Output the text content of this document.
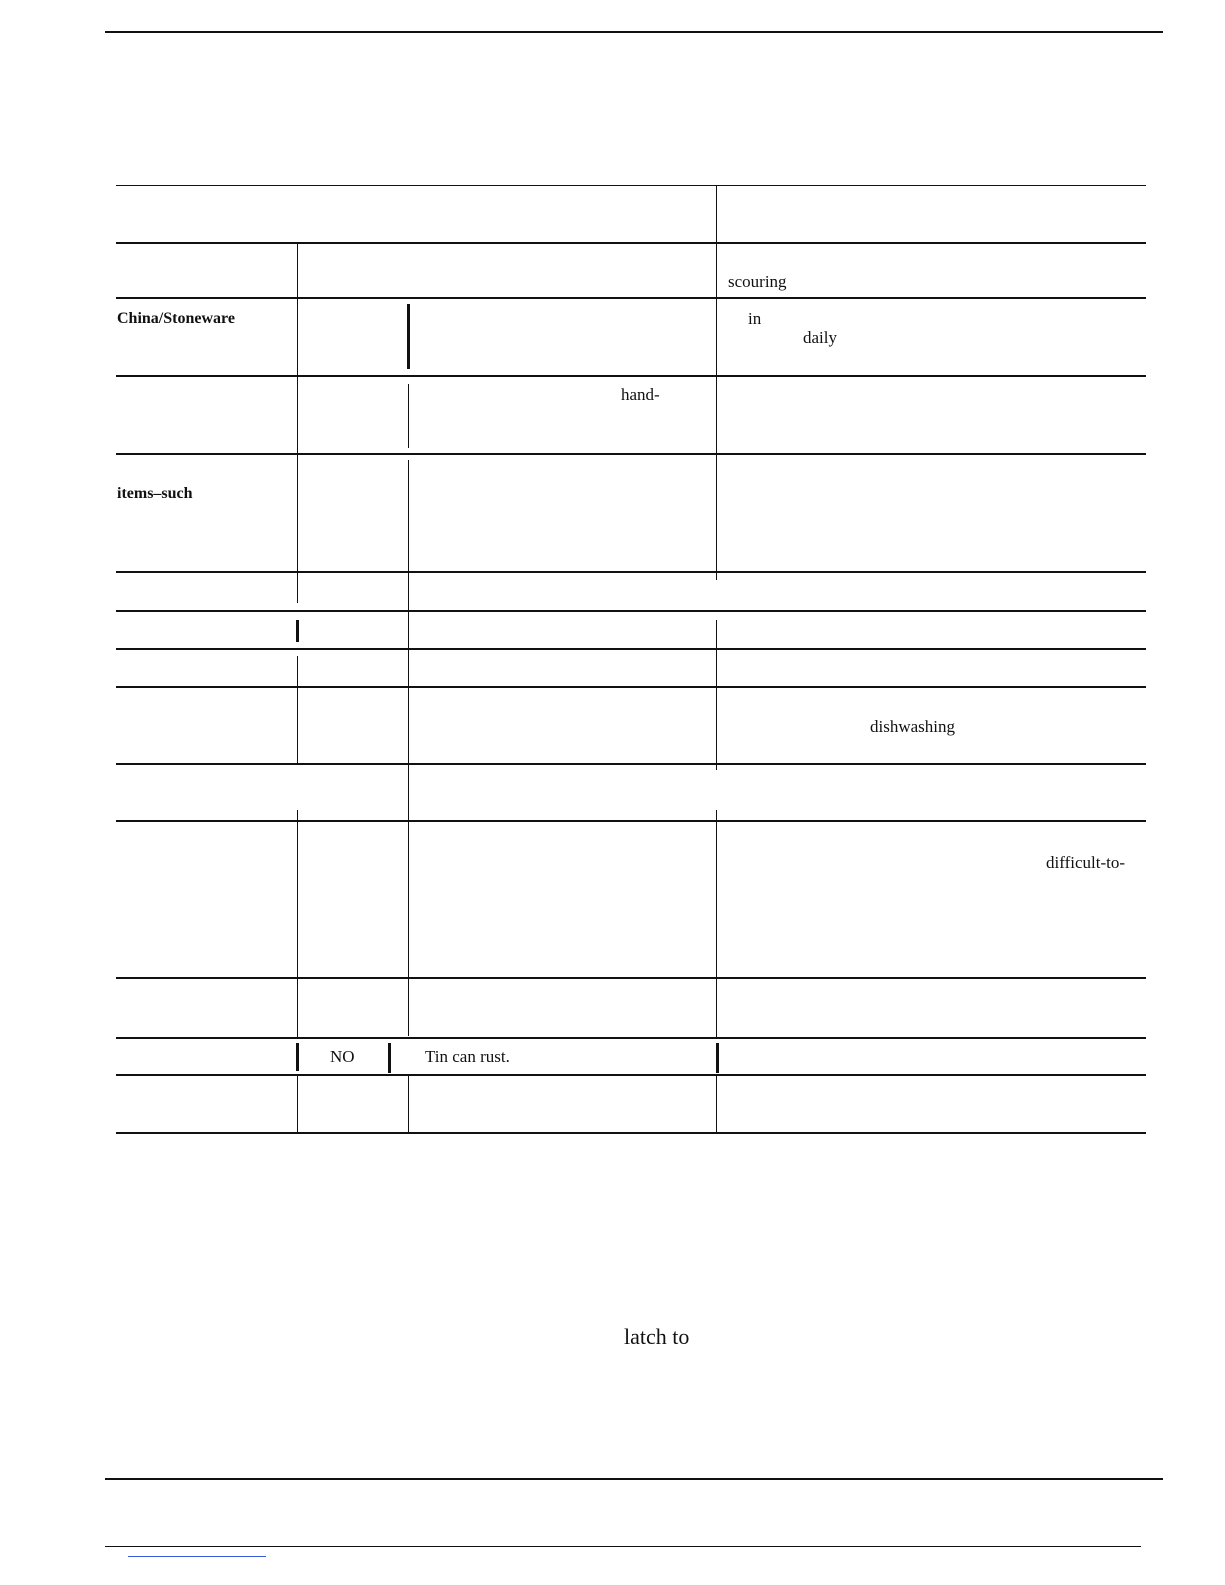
scouring
China/Stoneware	in
daily
hand-
items–such
dishwashing
difficult-to-
NO	Tin can rust.
latch to
